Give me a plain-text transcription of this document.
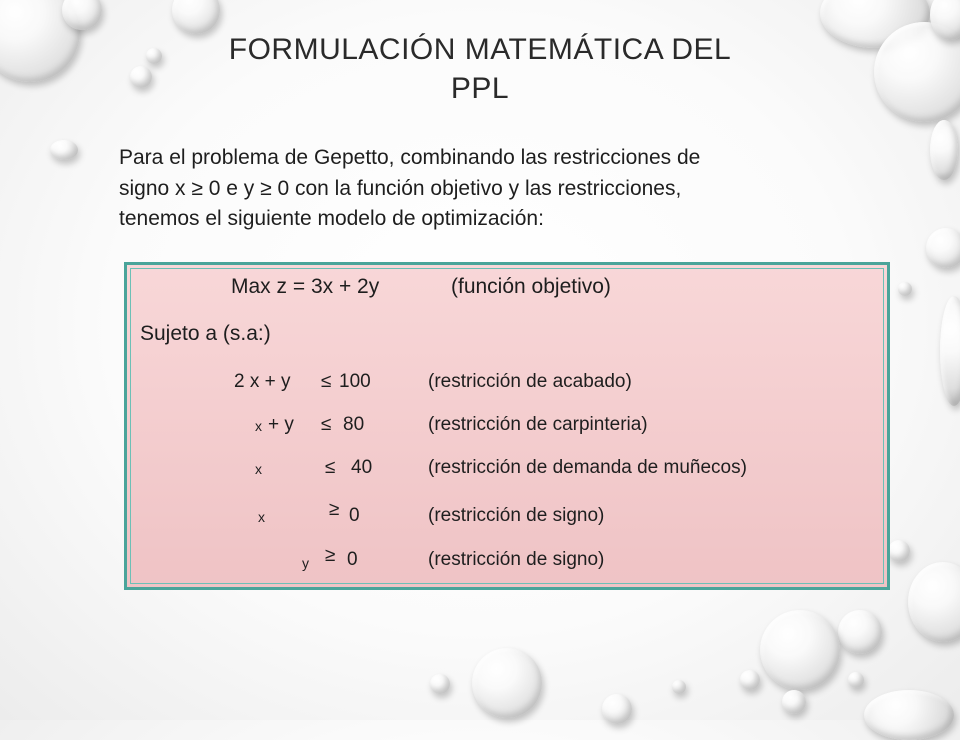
FORMULACIÓN MATEMÁTICA DEL
PPL

Para el problema de Gepetto, combinando las restricciones de
signo x ≥ 0 e y ≥ 0 con la función objetivo y las restricciones,
tenemos el siguiente modelo de optimización:

Max z = 3x + 2y	(función objetivo)
Sujeto a (s.a:)
2 x + y ≤ 100	(restricción de acabado)
x + y ≤ 80	(restricción de carpinteria)
x	≤ 40	(restricción de demanda de muñecos)
x	≥ 0	(restricción de signo)
y ≥ 0	(restricción de signo)
